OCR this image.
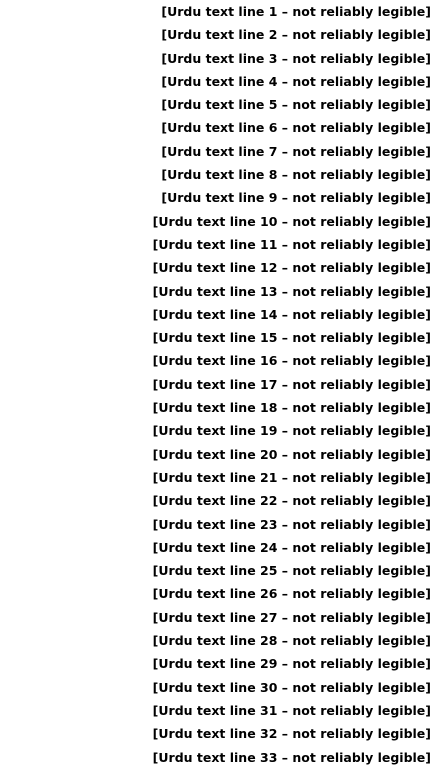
[Urdu text line 1 – not reliably legible]
[Urdu text line 2 – not reliably legible]
[Urdu text line 3 – not reliably legible]
[Urdu text line 4 – not reliably legible]
[Urdu text line 5 – not reliably legible]
[Urdu text line 6 – not reliably legible]
[Urdu text line 7 – not reliably legible]
[Urdu text line 8 – not reliably legible]
[Urdu text line 9 – not reliably legible]
[Urdu text line 10 – not reliably legible]
[Urdu text line 11 – not reliably legible]
[Urdu text line 12 – not reliably legible]
[Urdu text line 13 – not reliably legible]
[Urdu text line 14 – not reliably legible]
[Urdu text line 15 – not reliably legible]
[Urdu text line 16 – not reliably legible]
[Urdu text line 17 – not reliably legible]
[Urdu text line 18 – not reliably legible]
[Urdu text line 19 – not reliably legible]
[Urdu text line 20 – not reliably legible]
[Urdu text line 21 – not reliably legible]
[Urdu text line 22 – not reliably legible]
[Urdu text line 23 – not reliably legible]
[Urdu text line 24 – not reliably legible]
[Urdu text line 25 – not reliably legible]
[Urdu text line 26 – not reliably legible]
[Urdu text line 27 – not reliably legible]
[Urdu text line 28 – not reliably legible]
[Urdu text line 29 – not reliably legible]
[Urdu text line 30 – not reliably legible]
[Urdu text line 31 – not reliably legible]
[Urdu text line 32 – not reliably legible]
[Urdu text line 33 – not reliably legible]
